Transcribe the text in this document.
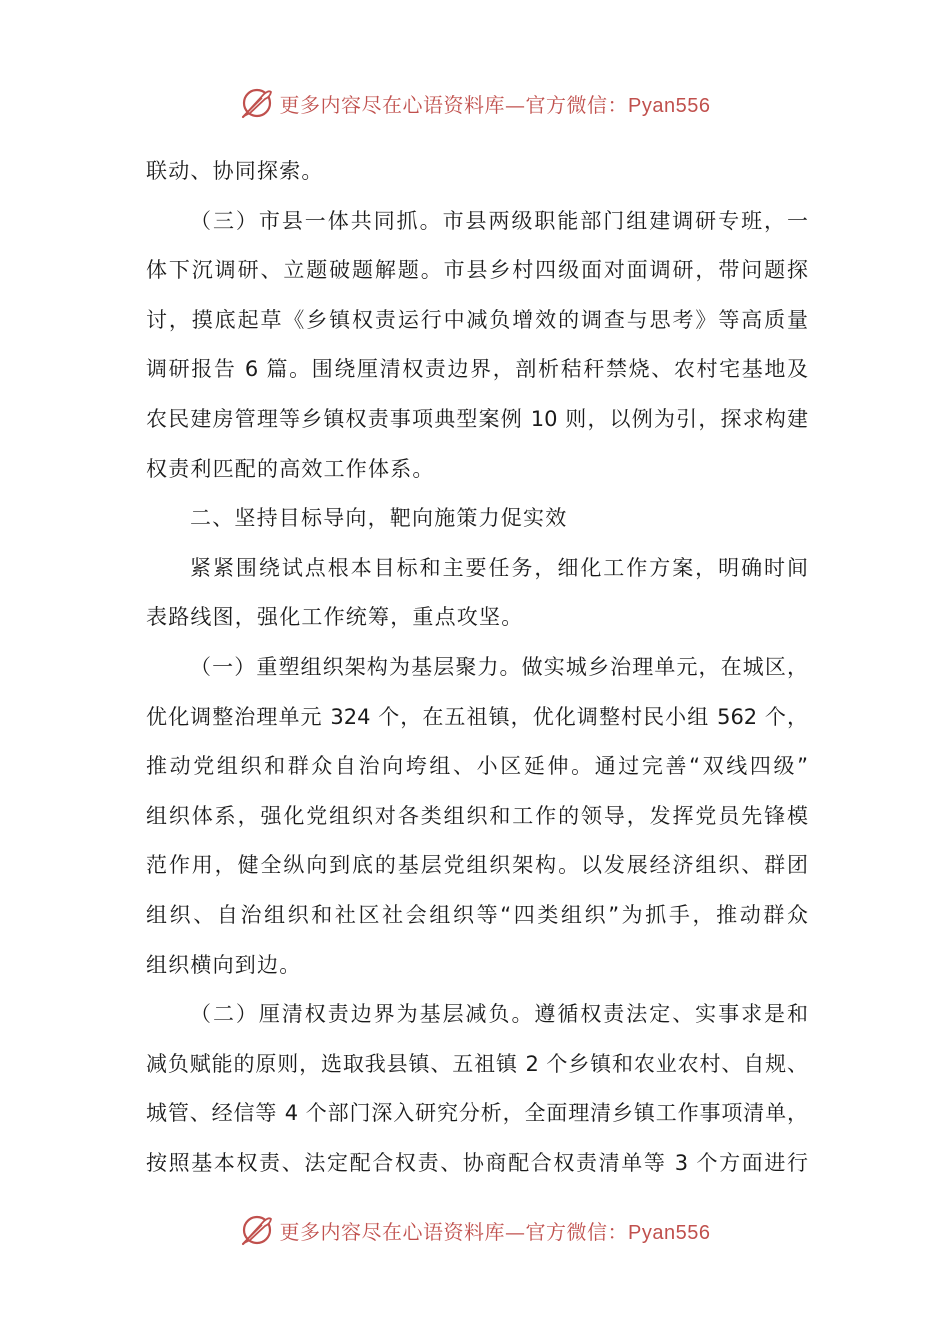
更多内容尽在心语资料库—官方微信：Pyan556
联动、协同探索。
（三）市县一体共同抓。市县两级职能部门组建调研专班，一
体下沉调研、立题破题解题。市县乡村四级面对面调研，带问题探
讨，摸底起草《乡镇权责运行中减负增效的调查与思考》等高质量
调研报告 6 篇。围绕厘清权责边界，剖析秸秆禁烧、农村宅基地及
农民建房管理等乡镇权责事项典型案例 10 则，以例为引，探求构建
权责利匹配的高效工作体系。
二、坚持目标导向，靶向施策力促实效
紧紧围绕试点根本目标和主要任务，细化工作方案，明确时间
表路线图，强化工作统筹，重点攻坚。
（一）重塑组织架构为基层聚力。做实城乡治理单元，在城区，
优化调整治理单元 324 个，在五祖镇，优化调整村民小组 562 个，
推动党组织和群众自治向垮组、小区延伸。通过完善“双线四级”
组织体系，强化党组织对各类组织和工作的领导，发挥党员先锋模
范作用，健全纵向到底的基层党组织架构。以发展经济组织、群团
组织、自治组织和社区社会组织等“四类组织”为抓手，推动群众
组织横向到边。
（二）厘清权责边界为基层减负。遵循权责法定、实事求是和
减负赋能的原则，选取我县镇、五祖镇 2 个乡镇和农业农村、自规、
城管、经信等 4 个部门深入研究分析，全面理清乡镇工作事项清单，
按照基本权责、法定配合权责、协商配合权责清单等 3 个方面进行
更多内容尽在心语资料库—官方微信：Pyan556
